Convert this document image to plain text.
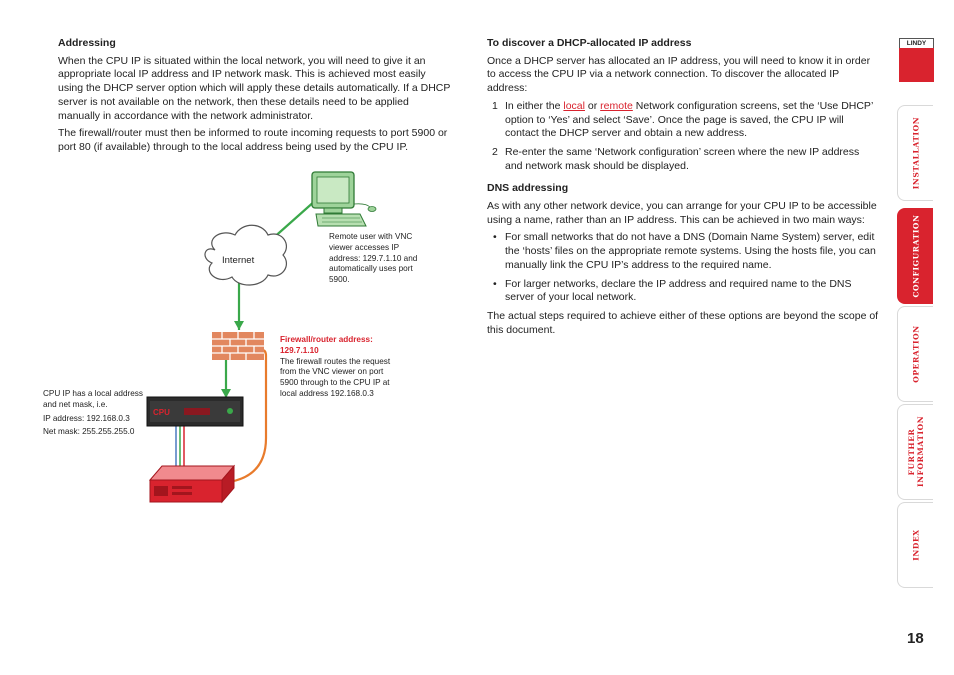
Addressing

When the CPU IP is situated within the local network, you will need to give it an appropriate local IP address and IP network mask. This is achieved most easily using the DHCP server option which will apply these details automatically. If a DHCP server is not available on the network, then these details need to be applied manually in accordance with the network administrator.

The firewall/router must then be informed to route incoming requests to port 5900 or port 80 (if available) through to the local address being used by the CPU IP.

CPU
Internet
Remote user with VNC viewer accesses IP address: 129.7.1.10 and automatically uses port 5900.
Firewall/router address:
129.7.1.10
The firewall routes the request from the VNC viewer on port 5900 through to the CPU IP at local address 192.168.0.3
CPU IP has a local address and net mask, i.e.
IP address: 192.168.0.3
Net mask: 255.255.255.0

To discover a DHCP-allocated IP address

Once a DHCP server has allocated an IP address, you will need to know it in order to access the CPU IP via a network connection. To discover the allocated IP address:

1 In either the local or remote Network configuration screens, set the ‘Use DHCP’ option to ‘Yes’ and select ‘Save’. Once the page is saved, the CPU IP will contact the DHCP server and obtain a new address.
2 Re-enter the same ‘Network configuration’ screen where the new IP address and network mask should be displayed.

DNS addressing

As with any other network device, you can arrange for your CPU IP to be accessible using a name, rather than an IP address. This can be achieved in two main ways:

• For small networks that do not have a DNS (Domain Name System) server, edit the ‘hosts’ files on the appropriate remote systems. Using the hosts file, you can manually link the CPU IP’s address to the required name.
• For larger networks, declare the IP address and required name to the DNS server of your local network.

The actual steps required to achieve either of these options are beyond the scope of this document.

LINDY
INSTALLATION
CONFIGURATION
OPERATION
FURTHER INFORMATION
INDEX
18
